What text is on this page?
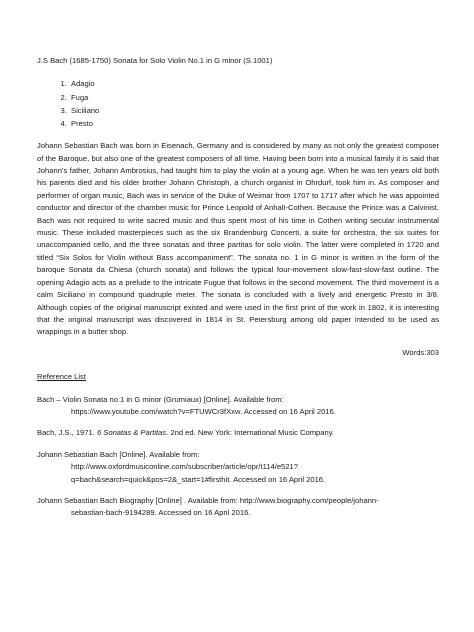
J.S Bach (1685-1750) Sonata for Solo Violin No.1 in G minor (S.1001)

1. Adagio
2. Fuga
3. Siciliano
4. Presto

Johann Sebastian Bach was born in Eisenach, Germany and is considered by many as not only the greatest composer of the Baroque, but also one of the greatest composers of all time. Having been born into a musical family it is said that Johann’s father, Johann Ambrosius, had taught him to play the violin at a young age. When he was ten years old both his parents died and his older brother Johann Christoph, a church organist in Ohrdurf, took him in. As composer and performer of organ music, Bach was in service of the Duke of Weimar from 1707 to 1717 after which he was appointed conductor and director of the chamber music for Prince Leopold of Anhalt-Cothen. Because the Prince was a Calvinist, Bach was not required to write sacred music and thus spent most of his time in Cothen writing secular instrumental music. These included masterpieces such as the six Brandenburg Concerti, a suite for orchestra, the six suites for unaccompanied cello, and the three sonatas and three partitas for solo violin. The latter were completed in 1720 and titled “Six Solos for Violin without Bass accompaniment”. The sonata no. 1 in G minor is written in the form of the baroque Sonata da Chiesa (church sonata) and follows the typical four-movement slow-fast-slow-fast outline. The opening Adagio acts as a prelude to the intricate Fugue that follows in the second movement. The third movement is a calm Siciliano in compound quadruple meter. The sonata is concluded with a lively and energetic Presto in 3/8. Although copies of the original manuscript existed and were used in the first print of the work in 1802, it is interesting that the original manuscript was discovered in 1814 in St. Petersburg among old paper intended to be used as wrappings in a butter shop.

Words:303
Reference List
Bach – Violin Sonata no.1 in G minor (Grumiaux) [Online]. Available from:
https://www.youtube.com/watch?v=FTUWCr3fXxw. Accessed on 16 April 2016.
Bach, J.S., 1971. 6 Sonatas & Partitas. 2nd ed. New York: International Music Company.
Johann Sebastian Bach [Online]. Available from:
http://www.oxfordmusiconline.com/subscriber/article/opr/t114/e521?
q=bach&search=quick&pos=2&_start=1#firsthit. Accessed on 16 April 2016.
Johann Sebastian Bach Biography [Online] . Available from: http://www.biography.com/people/johann-
sebastian-bach-9194289. Accessed on 16 April 2016.
